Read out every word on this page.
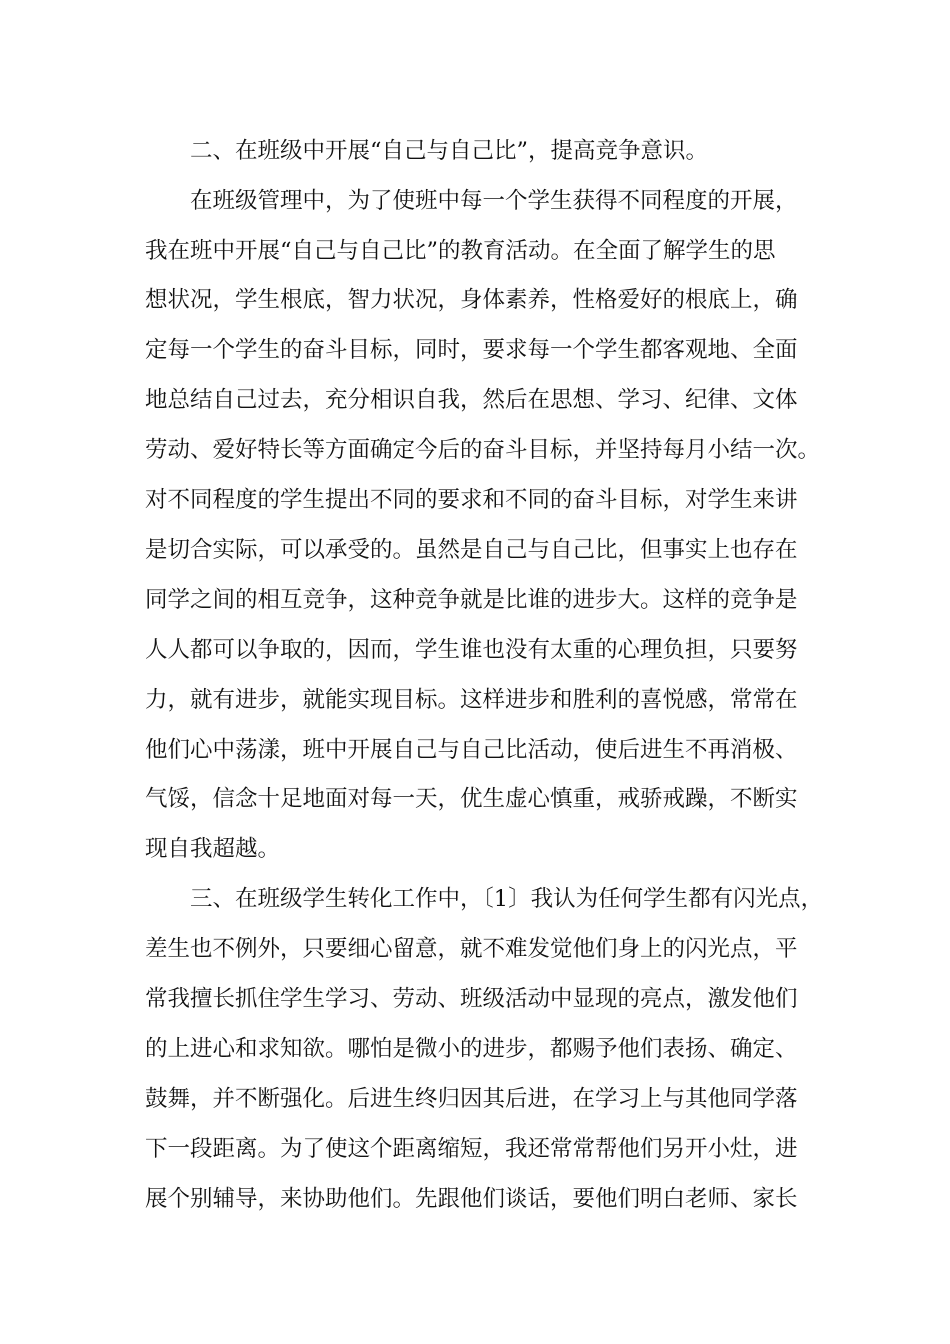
二、在班级中开展“自己与自己比”，提高竞争意识。
在班级管理中，为了使班中每一个学生获得不同程度的开展，
我在班中开展“自己与自己比”的教育活动。在全面了解学生的思
想状况，学生根底，智力状况，身体素养，性格爱好的根底上，确
定每一个学生的奋斗目标，同时，要求每一个学生都客观地、全面
地总结自己过去，充分相识自我，然后在思想、学习、纪律、文体
劳动、爱好特长等方面确定今后的奋斗目标，并坚持每月小结一次。
对不同程度的学生提出不同的要求和不同的奋斗目标，对学生来讲
是切合实际，可以承受的。虽然是自己与自己比，但事实上也存在
同学之间的相互竞争，这种竞争就是比谁的进步大。这样的竞争是
人人都可以争取的，因而，学生谁也没有太重的心理负担，只要努
力，就有进步，就能实现目标。这样进步和胜利的喜悦感，常常在
他们心中荡漾，班中开展自己与自己比活动，使后进生不再消极、
气馁，信念十足地面对每一天，优生虚心慎重，戒骄戒躁，不断实
现自我超越。
三、在班级学生转化工作中，〔1〕我认为任何学生都有闪光点，
差生也不例外，只要细心留意，就不难发觉他们身上的闪光点，平
常我擅长抓住学生学习、劳动、班级活动中显现的亮点，激发他们
的上进心和求知欲。哪怕是微小的进步，都赐予他们表扬、确定、
鼓舞，并不断强化。后进生终归因其后进，在学习上与其他同学落
下一段距离。为了使这个距离缩短，我还常常帮他们另开小灶，进
展个别辅导，来协助他们。先跟他们谈话，要他们明白老师、家长
